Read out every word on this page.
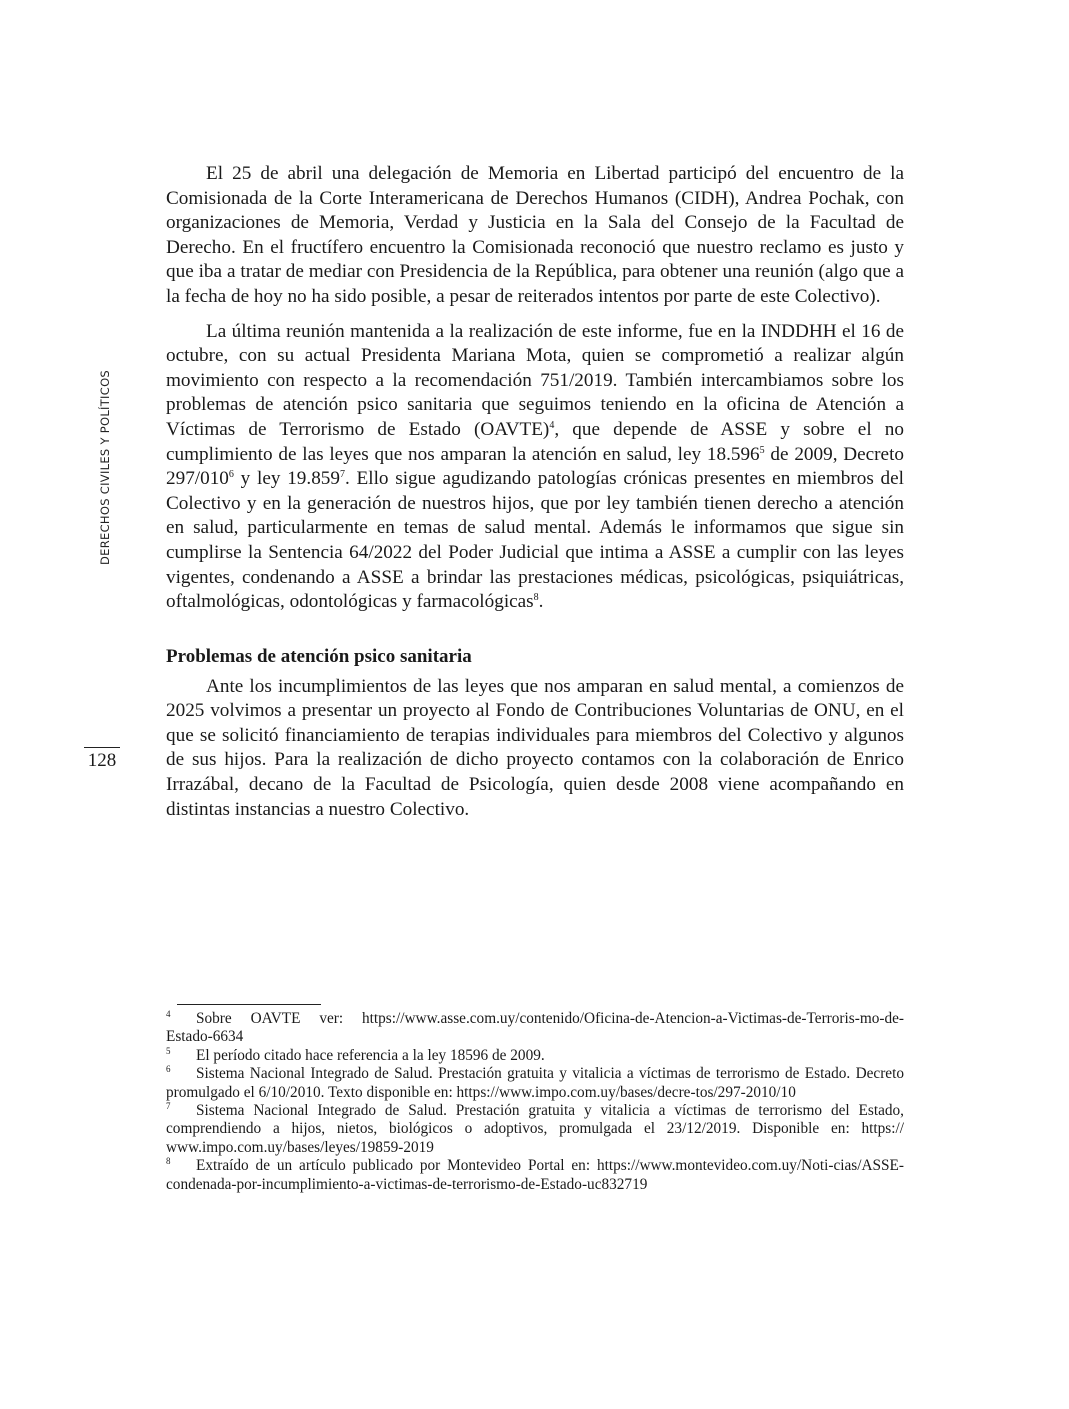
DERECHOS CIVILES Y POLÍTICOS
128

El 25 de abril una delegación de Memoria en Libertad participó del encuentro de la Comisionada de la Corte Interamericana de Derechos Humanos (CIDH), Andrea Pochak, con organizaciones de Memoria, Verdad y Justicia en la Sala del Consejo de la Facultad de Derecho. En el fructífero encuentro la Comisionada reconoció que nuestro reclamo es justo y que iba a tratar de mediar con Presidencia de la República, para obtener una reunión (algo que a la fecha de hoy no ha sido posible, a pesar de reiterados intentos por parte de este Colectivo).

La última reunión mantenida a la realización de este informe, fue en la INDDHH el 16 de octubre, con su actual Presidenta Mariana Mota, quien se comprometió a realizar algún movimiento con respecto a la recomendación 751/2019. También intercambiamos sobre los problemas de atención psico sanitaria que seguimos teniendo en la oficina de Atención a Víctimas de Terrorismo de Estado (OAVTE)$^4$, que depende de ASSE y sobre el no cumplimiento de las leyes que nos amparan la atención en salud, ley 18.596$^5$ de 2009, Decreto $297/010^6$ y ley 19.859$^7$. Ello sigue agudizando patologías crónicas presentes en miembros del Colectivo y en la generación de nuestros hijos, que por ley también tienen derecho a atención en salud, particularmente en temas de salud mental. Además le informamos que sigue sin cumplirse la Sentencia 64/2022 del Poder Judicial que intima a ASSE a cumplir con las leyes vigentes, condenando a ASSE a brindar las prestaciones médicas, psicológicas, psiquiátricas, oftalmológicas, odontológicas y farmacológicas$^8$.

Problemas de atención psico sanitaria

Ante los incumplimientos de las leyes que nos amparan en salud mental, a comienzos de 2025 volvimos a presentar un proyecto al Fondo de Contribuciones Voluntarias de ONU, en el que se solicitó financiamiento de terapias individuales para miembros del Colectivo y algunos de sus hijos. Para la realización de dicho proyecto contamos con la colaboración de Enrico Irrazábal, decano de la Facultad de Psicología, quien desde 2008 viene acompañando en distintas instancias a nuestro Colectivo.

4 Sobre OAVTE ver: https://www.asse.com.uy/contenido/Oficina-de-Atencion-a-Victimas-de-Terroris-mo-de-Estado-6634

5 El período citado hace referencia a la ley 18596 de 2009.

6 Sistema Nacional Integrado de Salud. Prestación gratuita y vitalicia a víctimas de terrorismo de Estado. Decreto promulgado el 6/10/2010. Texto disponible en: https://www.impo.com.uy/bases/decre-tos/297-2010/10

7 Sistema Nacional Integrado de Salud. Prestación gratuita y vitalicia a víctimas de terrorismo del Estado, comprendiendo a hijos, nietos, biológicos o adoptivos, promulgada el 23/12/2019. Disponible en: https:// www.impo.com.uy/bases/leyes/19859-2019

8 Extraído de un artículo publicado por Montevideo Portal en: https://www.montevideo.com.uy/Noti-cias/ASSE-condenada-por-incumplimiento-a-victimas-de-terrorismo-de-Estado-uc832719
